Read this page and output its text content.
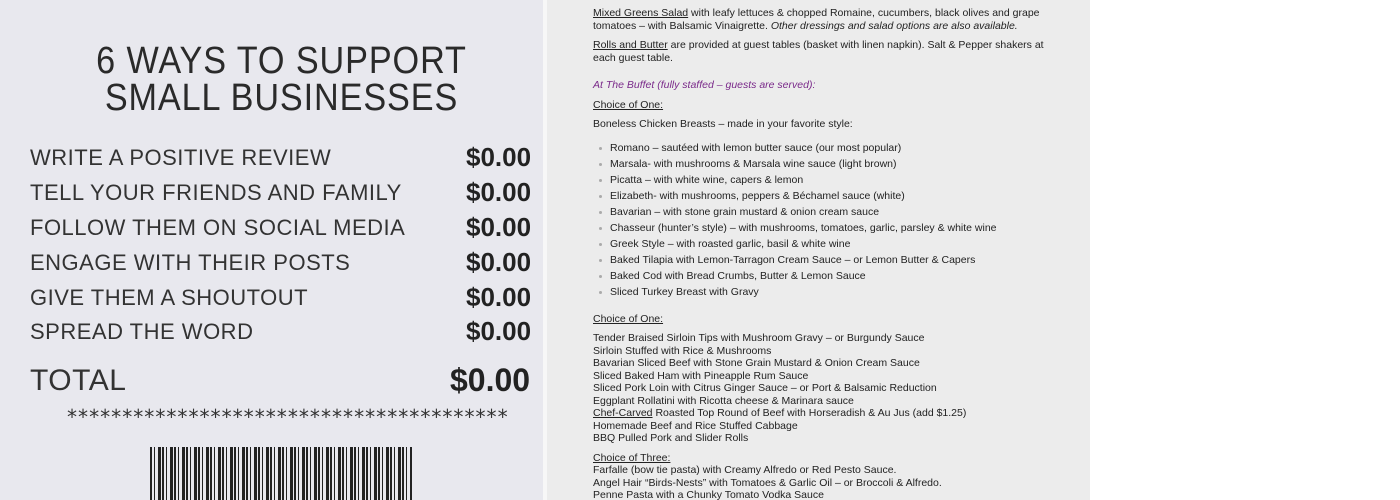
6 WAYS TO SUPPORT
SMALL BUSINESSES
WRITE A POSITIVE REVIEW	$0.00
TELL YOUR FRIENDS AND FAMILY $0.00
FOLLOW THEM ON SOCIAL MEDIA $0.00
ENGAGE WITH THEIR POSTS	$0.00
GIVE THEM A SHOUTOUT	$0.00
SPREAD THE WORD	$0.00
TOTAL	$0.00
****************************************
Mixed Greens Salad with leafy lettuces & chopped Romaine, cucumbers, black olives and grape tomatoes – with Balsamic Vinaigrette. Other dressings and salad options are also available.
Rolls and Butter are provided at guest tables (basket with linen napkin). Salt & Pepper shakers at each guest table.
At The Buffet (fully staffed – guests are served):
Choice of One:
Boneless Chicken Breasts – made in your favorite style:
Romano – sautéed with lemon butter sauce (our most popular)
Marsala- with mushrooms & Marsala wine sauce (light brown)
Picatta – with white wine, capers & lemon
Elizabeth- with mushrooms, peppers & Béchamel sauce (white)
Bavarian – with stone grain mustard & onion cream sauce
Chasseur (hunter’s style) – with mushrooms, tomatoes, garlic, parsley & white wine
Greek Style – with roasted garlic, basil & white wine
Baked Tilapia with Lemon-Tarragon Cream Sauce – or Lemon Butter & Capers
Baked Cod with Bread Crumbs, Butter & Lemon Sauce
Sliced Turkey Breast with Gravy
Choice of One:
Tender Braised Sirloin Tips with Mushroom Gravy – or Burgundy Sauce
Sirloin Stuffed with Rice & Mushrooms
Bavarian Sliced Beef with Stone Grain Mustard & Onion Cream Sauce
Sliced Baked Ham with Pineapple Rum Sauce
Sliced Pork Loin with Citrus Ginger Sauce – or Port & Balsamic Reduction
Eggplant Rollatini with Ricotta cheese & Marinara sauce
Chef-Carved Roasted Top Round of Beef with Horseradish & Au Jus (add $1.25)
Homemade Beef and Rice Stuffed Cabbage
BBQ Pulled Pork and Slider Rolls
Choice of Three:
Farfalle (bow tie pasta) with Creamy Alfredo or Red Pesto Sauce.
Angel Hair “Birds-Nests” with Tomatoes & Garlic Oil – or Broccoli & Alfredo.
Penne Pasta with a Chunky Tomato Vodka Sauce
